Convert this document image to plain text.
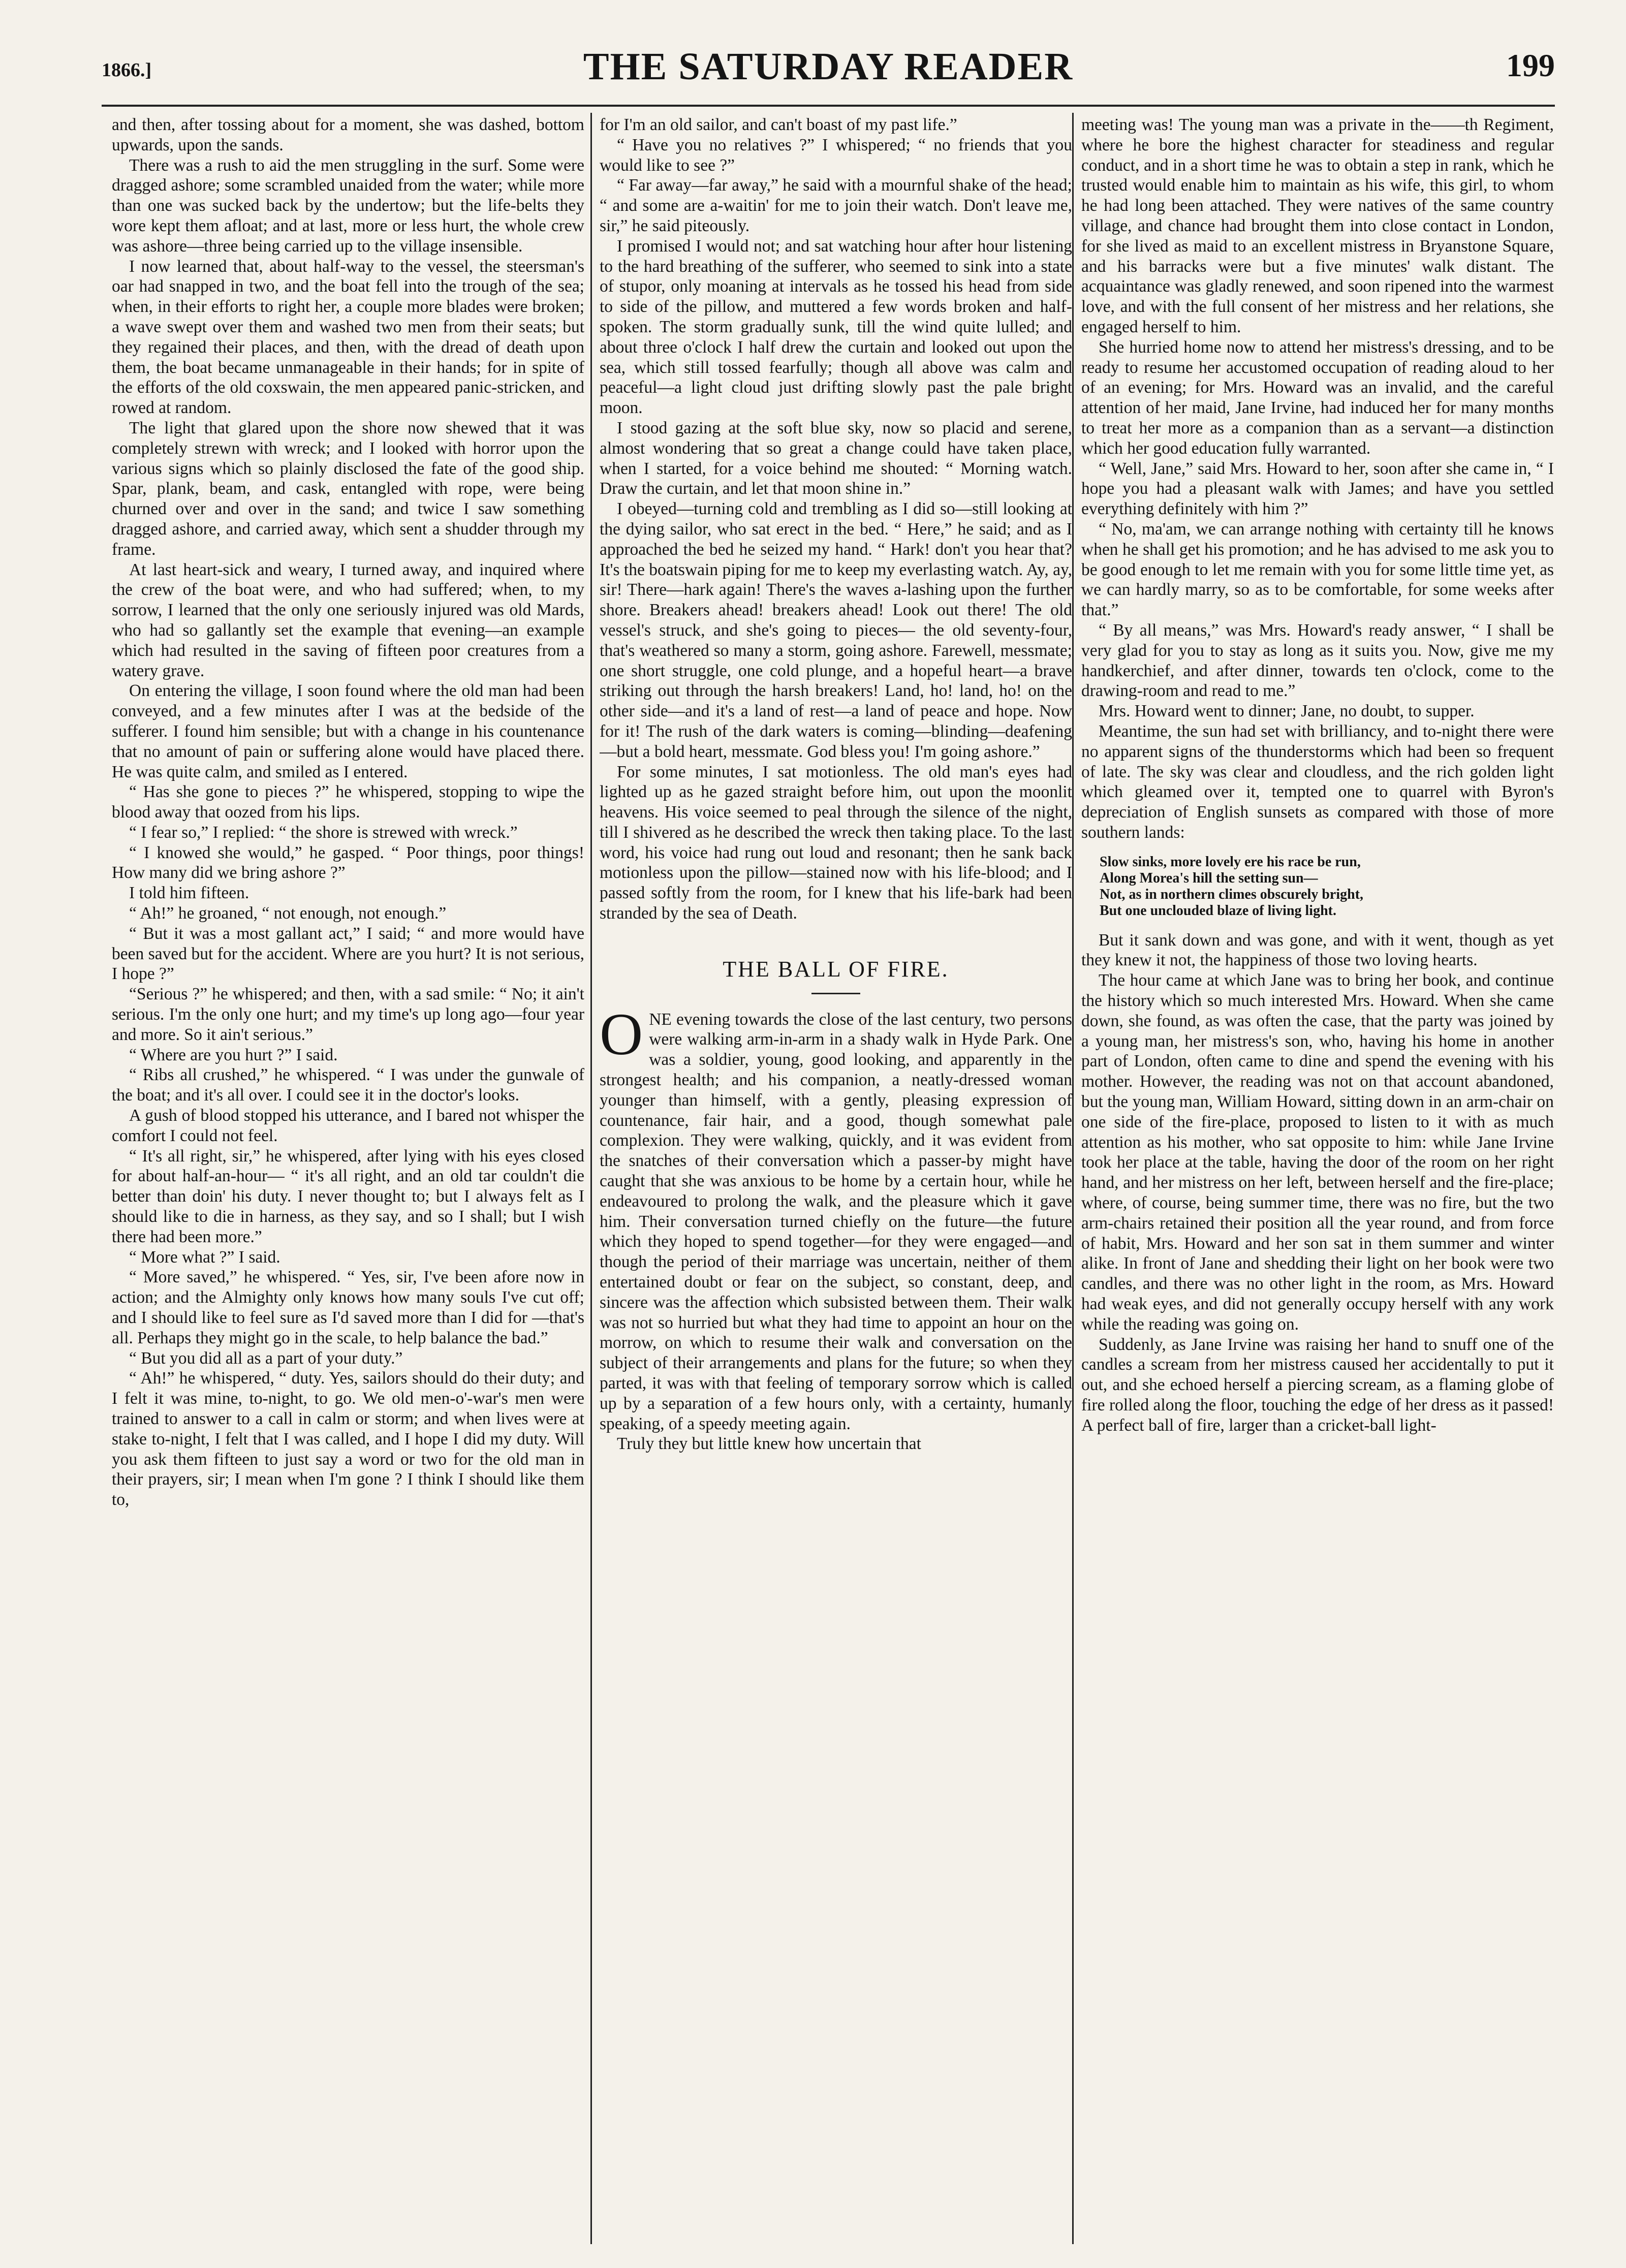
1866.]	THE SATURDAY READER	199

and then, after tossing about for a moment, she was dashed, bottom upwards, upon the sands.

There was a rush to aid the men struggling in the surf. Some were dragged ashore; some scrambled unaided from the water; while more than one was sucked back by the undertow; but the life-belts they wore kept them afloat; and at last, more or less hurt, the whole crew was ashore—three being carried up to the village insensible.

I now learned that, about half-way to the vessel, the steersman's oar had snapped in two, and the boat fell into the trough of the sea; when, in their efforts to right her, a couple more blades were broken; a wave swept over them and washed two men from their seats; but they regained their places, and then, with the dread of death upon them, the boat became unmanageable in their hands; for in spite of the efforts of the old coxswain, the men appeared panic-stricken, and rowed at random.

The light that glared upon the shore now shewed that it was completely strewn with wreck; and I looked with horror upon the various signs which so plainly disclosed the fate of the good ship. Spar, plank, beam, and cask, entangled with rope, were being churned over and over in the sand; and twice I saw something dragged ashore, and carried away, which sent a shudder through my frame.

At last heart-sick and weary, I turned away, and inquired where the crew of the boat were, and who had suffered; when, to my sorrow, I learned that the only one seriously injured was old Mards, who had so gallantly set the example that evening—an example which had resulted in the saving of fifteen poor creatures from a watery grave.

On entering the village, I soon found where the old man had been conveyed, and a few minutes after I was at the bedside of the sufferer. I found him sensible; but with a change in his countenance that no amount of pain or suffering alone would have placed there. He was quite calm, and smiled as I entered.

“ Has she gone to pieces ?” he whispered, stopping to wipe the blood away that oozed from his lips.

“ I fear so,” I replied: “ the shore is strewed with wreck.”

“ I knowed she would,” he gasped. “ Poor things, poor things! How many did we bring ashore ?”

I told him fifteen.

“ Ah!” he groaned, “ not enough, not enough.”

“ But it was a most gallant act,” I said; “ and more would have been saved but for the accident. Where are you hurt? It is not serious, I hope ?”

“Serious ?” he whispered; and then, with a sad smile: “ No; it ain't serious. I'm the only one hurt; and my time's up long ago—four year and more. So it ain't serious.”

“ Where are you hurt ?” I said.

“ Ribs all crushed,” he whispered. “ I was under the gunwale of the boat; and it's all over. I could see it in the doctor's looks.

A gush of blood stopped his utterance, and I bared not whisper the comfort I could not feel.

“ It's all right, sir,” he whispered, after lying with his eyes closed for about half-an-hour— “ it's all right, and an old tar couldn't die better than doin' his duty. I never thought to; but I always felt as I should like to die in harness, as they say, and so I shall; but I wish there had been more.”

“ More what ?” I said.

“ More saved,” he whispered. “ Yes, sir, I've been afore now in action; and the Almighty only knows how many souls I've cut off; and I should like to feel sure as I'd saved more than I did for —that's all. Perhaps they might go in the scale, to help balance the bad.”

“ But you did all as a part of your duty.”

“ Ah!” he whispered, “ duty. Yes, sailors should do their duty; and I felt it was mine, to-night, to go. We old men-o'-war's men were trained to answer to a call in calm or storm; and when lives were at stake to-night, I felt that I was called, and I hope I did my duty. Will you ask them fifteen to just say a word or two for the old man in their prayers, sir; I mean when I'm gone ? I think I should like them to,

for I'm an old sailor, and can't boast of my past life.”

“ Have you no relatives ?” I whispered; “ no friends that you would like to see ?”

“ Far away—far away,” he said with a mournful shake of the head; “ and some are a-waitin' for me to join their watch. Don't leave me, sir,” he said piteously.

I promised I would not; and sat watching hour after hour listening to the hard breathing of the sufferer, who seemed to sink into a state of stupor, only moaning at intervals as he tossed his head from side to side of the pillow, and muttered a few words broken and half-spoken. The storm gradually sunk, till the wind quite lulled; and about three o'clock I half drew the curtain and looked out upon the sea, which still tossed fearfully; though all above was calm and peaceful—a light cloud just drifting slowly past the pale bright moon.

I stood gazing at the soft blue sky, now so placid and serene, almost wondering that so great a change could have taken place, when I started, for a voice behind me shouted: “ Morning watch. Draw the curtain, and let that moon shine in.”

I obeyed—turning cold and trembling as I did so—still looking at the dying sailor, who sat erect in the bed. “ Here,” he said; and as I approached the bed he seized my hand. “ Hark! don't you hear that? It's the boatswain piping for me to keep my everlasting watch. Ay, ay, sir! There—hark again! There's the waves a-lashing upon the further shore. Breakers ahead! breakers ahead! Look out there! The old vessel's struck, and she's going to pieces— the old seventy-four, that's weathered so many a storm, going ashore. Farewell, messmate; one short struggle, one cold plunge, and a hopeful heart—a brave striking out through the harsh breakers! Land, ho! land, ho! on the other side—and it's a land of rest—a land of peace and hope. Now for it! The rush of the dark waters is coming—blinding—deafening—but a bold heart, messmate. God bless you! I'm going ashore.”

For some minutes, I sat motionless. The old man's eyes had lighted up as he gazed straight before him, out upon the moonlit heavens. His voice seemed to peal through the silence of the night, till I shivered as he described the wreck then taking place. To the last word, his voice had rung out loud and resonant; then he sank back motionless upon the pillow—stained now with his life-blood; and I passed softly from the room, for I knew that his life-bark had been stranded by the sea of Death.

THE BALL OF FIRE.

ONE evening towards the close of the last century, two persons were walking arm-in-arm in a shady walk in Hyde Park. One was a soldier, young, good looking, and apparently in the strongest health; and his companion, a neatly-dressed woman younger than himself, with a gently, pleasing expression of countenance, fair hair, and a good, though somewhat pale complexion. They were walking, quickly, and it was evident from the snatches of their conversation which a passer-by might have caught that she was anxious to be home by a certain hour, while he endeavoured to prolong the walk, and the pleasure which it gave him. Their conversation turned chiefly on the future—the future which they hoped to spend together—for they were engaged—and though the period of their marriage was uncertain, neither of them entertained doubt or fear on the subject, so constant, deep, and sincere was the affection which subsisted between them. Their walk was not so hurried but what they had time to appoint an hour on the morrow, on which to resume their walk and conversation on the subject of their arrangements and plans for the future; so when they parted, it was with that feeling of temporary sorrow which is called up by a separation of a few hours only, with a certainty, humanly speaking, of a speedy meeting again.

Truly they but little knew how uncertain that

meeting was! The young man was a private in the——th Regiment, where he bore the highest character for steadiness and regular conduct, and in a short time he was to obtain a step in rank, which he trusted would enable him to maintain as his wife, this girl, to whom he had long been attached. They were natives of the same country village, and chance had brought them into close contact in London, for she lived as maid to an excellent mistress in Bryanstone Square, and his barracks were but a five minutes' walk distant. The acquaintance was gladly renewed, and soon ripened into the warmest love, and with the full consent of her mistress and her relations, she engaged herself to him.

She hurried home now to attend her mistress's dressing, and to be ready to resume her accustomed occupation of reading aloud to her of an evening; for Mrs. Howard was an invalid, and the careful attention of her maid, Jane Irvine, had induced her for many months to treat her more as a companion than as a servant—a distinction which her good education fully warranted.

“ Well, Jane,” said Mrs. Howard to her, soon after she came in, “ I hope you had a pleasant walk with James; and have you settled everything definitely with him ?”

“ No, ma'am, we can arrange nothing with certainty till he knows when he shall get his promotion; and he has advised to me ask you to be good enough to let me remain with you for some little time yet, as we can hardly marry, so as to be comfortable, for some weeks after that.”

“ By all means,” was Mrs. Howard's ready answer, “ I shall be very glad for you to stay as long as it suits you. Now, give me my handkerchief, and after dinner, towards ten o'clock, come to the drawing-room and read to me.”

Mrs. Howard went to dinner; Jane, no doubt, to supper.

Meantime, the sun had set with brilliancy, and to-night there were no apparent signs of the thunderstorms which had been so frequent of late. The sky was clear and cloudless, and the rich golden light which gleamed over it, tempted one to quarrel with Byron's depreciation of English sunsets as compared with those of more southern lands:

Slow sinks, more lovely ere his race be run,
Along Morea's hill the setting sun—
Not, as in northern climes obscurely bright,
But one unclouded blaze of living light.

But it sank down and was gone, and with it went, though as yet they knew it not, the happiness of those two loving hearts.

The hour came at which Jane was to bring her book, and continue the history which so much interested Mrs. Howard. When she came down, she found, as was often the case, that the party was joined by a young man, her mistress's son, who, having his home in another part of London, often came to dine and spend the evening with his mother. However, the reading was not on that account abandoned, but the young man, William Howard, sitting down in an arm-chair on one side of the fire-place, proposed to listen to it with as much attention as his mother, who sat opposite to him: while Jane Irvine took her place at the table, having the door of the room on her right hand, and her mistress on her left, between herself and the fire-place; where, of course, being summer time, there was no fire, but the two arm-chairs retained their position all the year round, and from force of habit, Mrs. Howard and her son sat in them summer and winter alike. In front of Jane and shedding their light on her book were two candles, and there was no other light in the room, as Mrs. Howard had weak eyes, and did not generally occupy herself with any work while the reading was going on.

Suddenly, as Jane Irvine was raising her hand to snuff one of the candles a scream from her mistress caused her accidentally to put it out, and she echoed herself a piercing scream, as a flaming globe of fire rolled along the floor, touching the edge of her dress as it passed! A perfect ball of fire, larger than a cricket-ball light-
